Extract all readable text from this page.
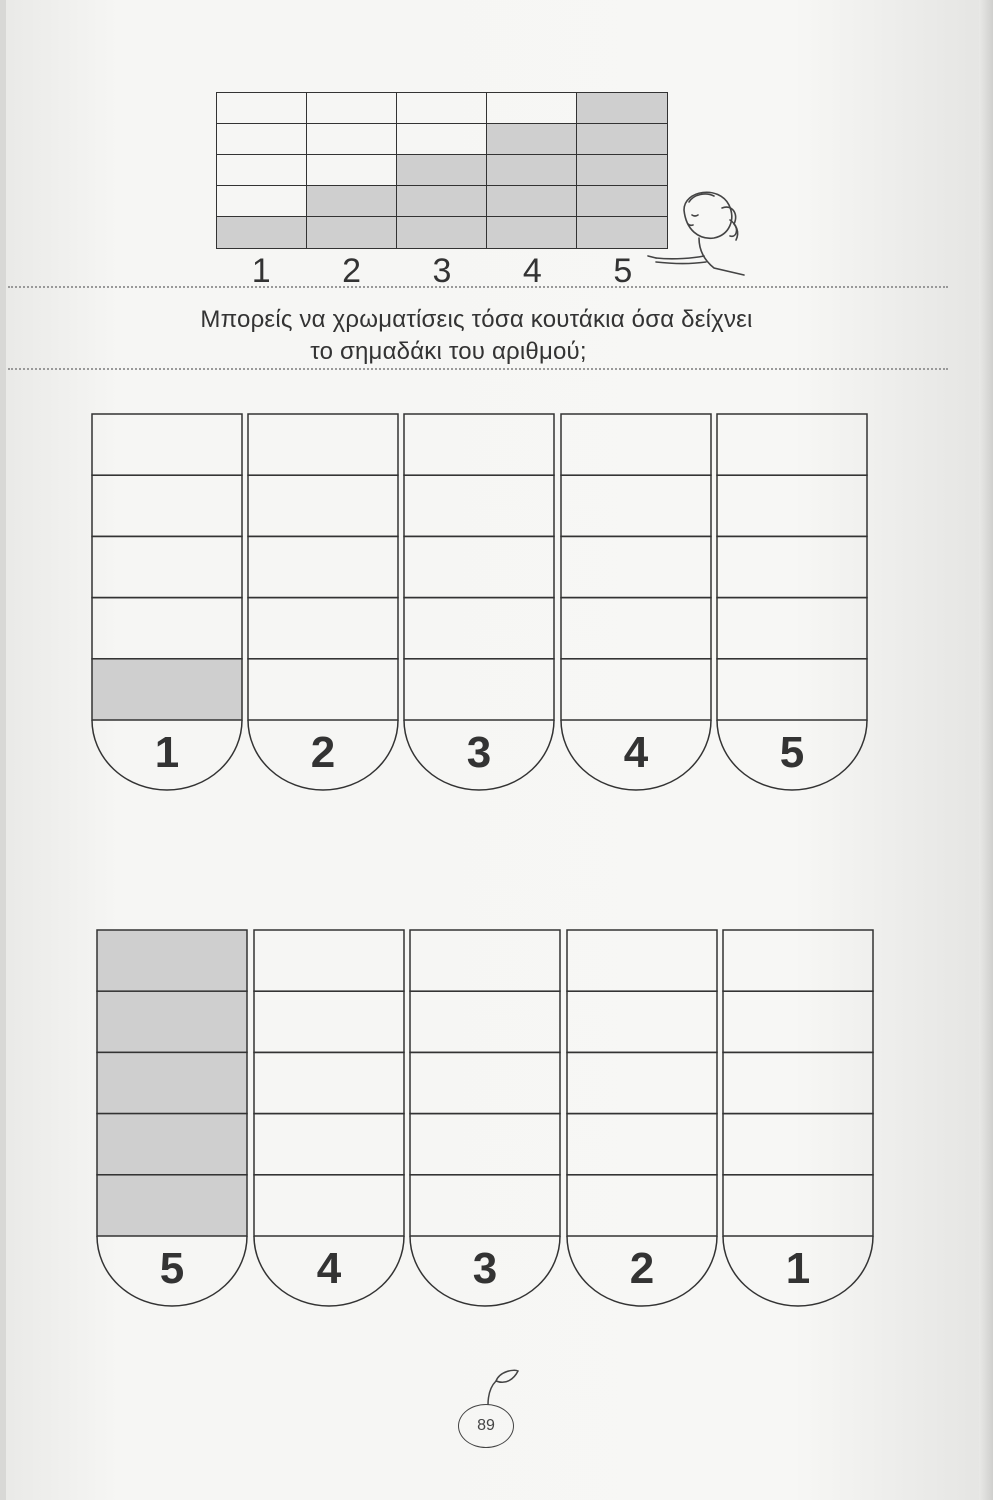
1	2	3	4	5
Μπορείς να χρωματίσεις τόσα κουτάκια όσα δείχνει
το σημαδάκι του αριθμού;
1	2	3	4	5
5	4	3	2	1
89
